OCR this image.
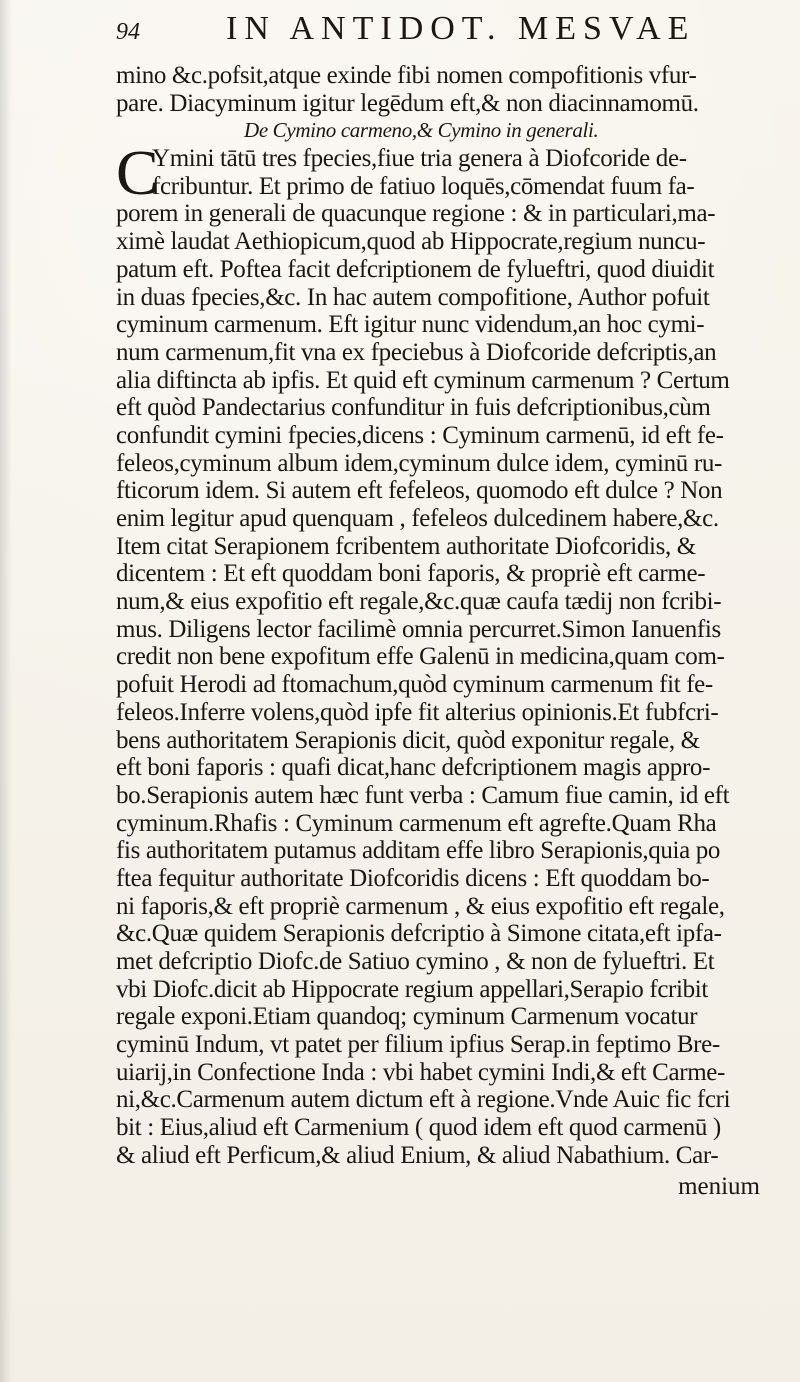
94	IN ANTIDOT. MESVAE
mino &c.pofsit,atque exinde fibi nomen compofitionis vfur-
pare. Diacyminum igitur legēdum eft,& non diacinnamomū.
De Cymino carmeno,& Cymino in generali.
C
Ymini tātū tres fpecies,fiue tria genera à Diofcoride de-
fcribuntur. Et primo de fatiuo loquēs,cōmendat fuum fa-
porem in generali de quacunque regione : & in particulari,ma-
ximè laudat Aethiopicum,quod ab Hippocrate,regium nuncu-
patum eft. Poftea facit defcriptionem de fylueftri, quod diuidit
in duas fpecies,&c. In hac autem compofitione, Author pofuit
cyminum carmenum. Eft igitur nunc videndum,an hoc cymi-
num carmenum,fit vna ex fpeciebus à Diofcoride defcriptis,an
alia diftincta ab ipfis. Et quid eft cyminum carmenum ? Certum
eft quòd Pandectarius confunditur in fuis defcriptionibus,cùm
confundit cymini fpecies,dicens : Cyminum carmenū, id eft fe-
feleos,cyminum album idem,cyminum dulce idem, cyminū ru-
fticorum idem. Si autem eft fefeleos, quomodo eft dulce ? Non
enim legitur apud quenquam , fefeleos dulcedinem habere,&c.
Item citat Serapionem fcribentem authoritate Diofcoridis, &
dicentem : Et eft quoddam boni faporis, & propriè eft carme-
num,& eius expofitio eft regale,&c.quæ caufa tædij non fcribi-
mus. Diligens lector facilimè omnia percurret.Simon Ianuenfis
credit non bene expofitum effe Galenū in medicina,quam com-
pofuit Herodi ad ftomachum,quòd cyminum carmenum fit fe-
feleos.Inferre volens,quòd ipfe fit alterius opinionis.Et fubfcri-
bens authoritatem Serapionis dicit, quòd exponitur regale, &
eft boni faporis : quafi dicat,hanc defcriptionem magis appro-
bo.Serapionis autem hæc funt verba : Camum fiue camin, id eft
cyminum.Rhafis : Cyminum carmenum eft agrefte.Quam Rha
fis authoritatem putamus additam effe libro Serapionis,quia po
ftea fequitur authoritate Diofcoridis dicens : Eft quoddam bo-
ni faporis,& eft propriè carmenum , & eius expofitio eft regale,
&c.Quæ quidem Serapionis defcriptio à Simone citata,eft ipfa-
met defcriptio Diofc.de Satiuo cymino , & non de fylueftri. Et
vbi Diofc.dicit ab Hippocrate regium appellari,Serapio fcribit
regale exponi.Etiam quandoq; cyminum Carmenum vocatur
cyminū Indum, vt patet per filium ipfius Serap.in feptimo Bre-
uiarij,in Confectione Inda : vbi habet cymini Indi,& eft Carme-
ni,&c.Carmenum autem dictum eft à regione.Vnde Auic fic fcri
bit : Eius,aliud eft Carmenium ( quod idem eft quod carmenū )
& aliud eft Perficum,& aliud Enium, & aliud Nabathium. Car-
menium
